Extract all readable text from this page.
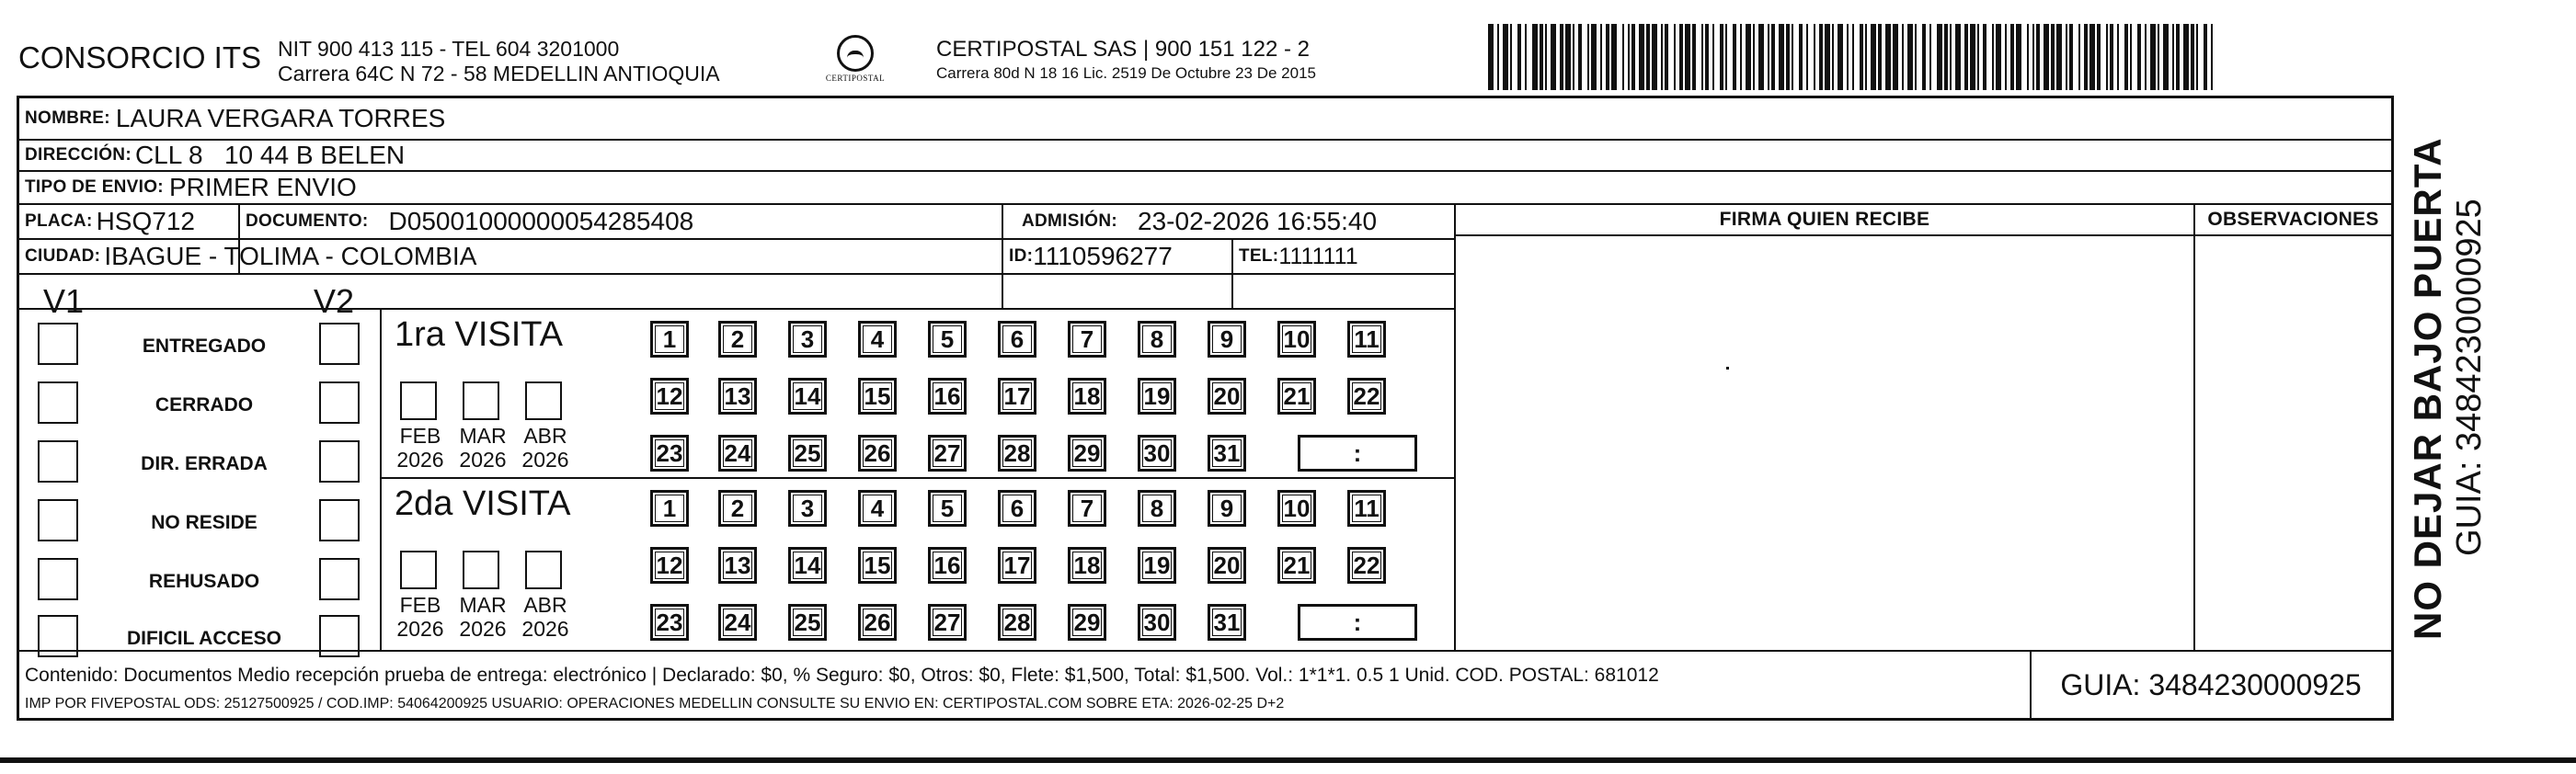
CONSORCIO ITS NIT 900 413 115 - TEL 604 3201000
Carrera 64C N 72 - 58 MEDELLIN ANTIOQUIA	CERTIPOSTAL
CERTIPOSTAL SAS | 900 151 122 - 2
Carrera 80d N 18 16 Lic. 2519 De Octubre 23 De 2015
NOMBRE: LAURA VERGARA TORRES
DIRECCIÓN: CLL 8   10 44 B BELEN
TIPO DE ENVIO: PRIMER ENVIO
PLACA: HSQ712	DOCUMENTO: D05001000000054285408	ADMISIÓN: 23-02-2026 16:55:40
CIUDAD: IBAGUE - TOLIMA - COLOMBIA	ID: 1110596277	TEL: 1111111
FIRMA QUIEN RECIBE	OBSERVACIONES
V1	V2
ENTREGADO
CERRADO
DIR. ERRADA
NO RESIDE
REHUSADO
DIFICIL ACCESO
1ra VISITA
FEB
2026
MAR
2026
ABR
2026
1	2	3	4	5	6	7	8	9	10 11
12 13 14 15 16 17 18 19 20 21 22
23 24 25 26 27 28 29 30 31	:
2da VISITA
FEB
2026
MAR
2026
ABR
2026
1	2	3	4	5	6	7	8	9	10 11
12 13 14 15 16 17 18 19 20 21 22
23 24 25 26 27 28 29 30 31	:
Contenido: Documentos Medio recepción prueba de entrega: electrónico | Declarado: $0, % Seguro: $0, Otros: $0, Flete: $1,500, Total: $1,500. Vol.: 1*1*1. 0.5 1 Unid. COD. POSTAL: 681012
IMP POR FIVEPOSTAL ODS: 25127500925 / COD.IMP: 54064200925 USUARIO: OPERACIONES MEDELLIN CONSULTE SU ENVIO EN: CERTIPOSTAL.COM SOBRE ETA: 2026-02-25 D+2
GUIA: 3484230000925
NO DEJAR BAJO PUERTA GUIA: 3484230000925
